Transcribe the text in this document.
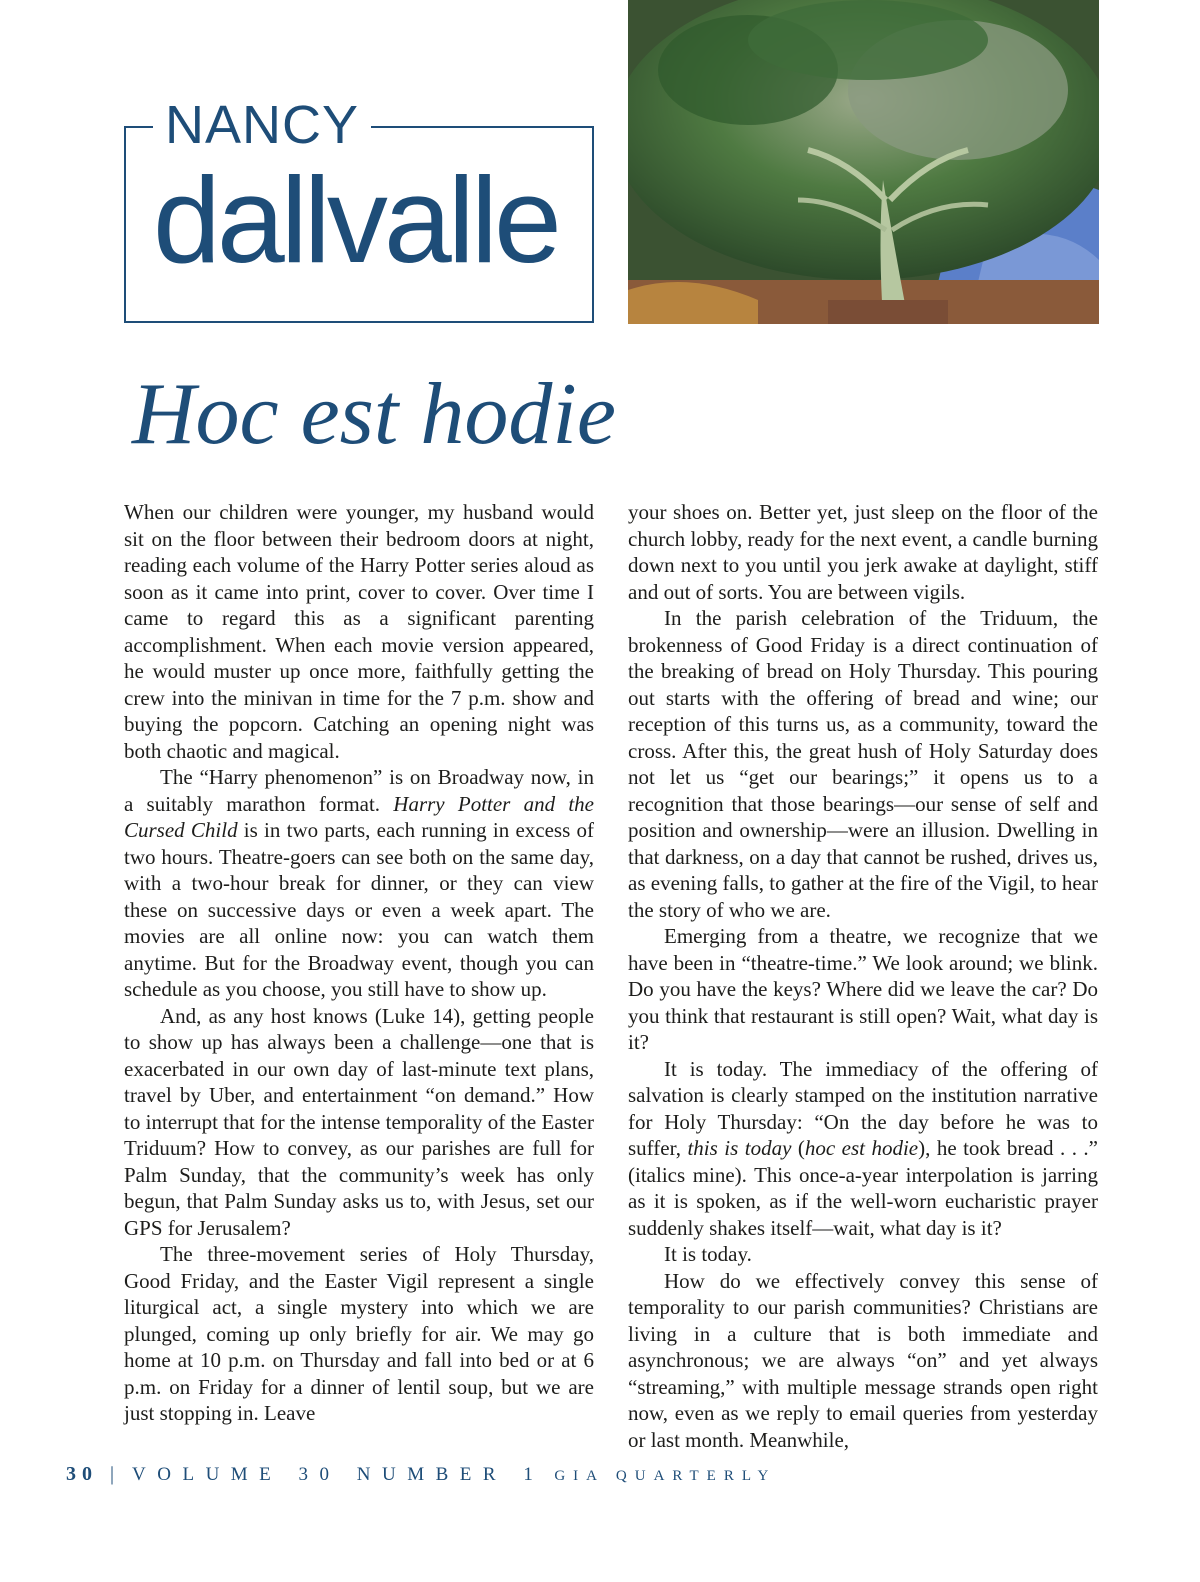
NANCY
dallvalle
Hoc est hodie

When our children were younger, my husband would sit on the floor between their bedroom doors at night, reading each volume of the Harry Potter series aloud as soon as it came into print, cover to cover. Over time I came to regard this as a significant parenting accomplishment. When each movie version appeared, he would muster up once more, faithfully getting the crew into the minivan in time for the 7 p.m. show and buying the popcorn. Catching an opening night was both chaotic and magical.

The “Harry phenomenon” is on Broadway now, in a suitably marathon format. Harry Potter and the Cursed Child is in two parts, each running in excess of two hours. Theatre-goers can see both on the same day, with a two-hour break for dinner, or they can view these on successive days or even a week apart. The movies are all online now: you can watch them anytime. But for the Broadway event, though you can schedule as you choose, you still have to show up.

And, as any host knows (Luke 14), getting people to show up has always been a challenge—one that is exacerbated in our own day of last-minute text plans, travel by Uber, and entertainment “on demand.” How to interrupt that for the intense temporality of the Easter Triduum? How to convey, as our parishes are full for Palm Sunday, that the community’s week has only begun, that Palm Sunday asks us to, with Jesus, set our GPS for Jerusalem?

The three-movement series of Holy Thursday, Good Friday, and the Easter Vigil represent a single liturgical act, a single mystery into which we are plunged, coming up only briefly for air. We may go home at 10 p.m. on Thursday and fall into bed or at 6 p.m. on Friday for a dinner of lentil soup, but we are just stopping in. Leave

your shoes on. Better yet, just sleep on the floor of the church lobby, ready for the next event, a candle burning down next to you until you jerk awake at daylight, stiff and out of sorts. You are between vigils.

In the parish celebration of the Triduum, the brokenness of Good Friday is a direct continuation of the breaking of bread on Holy Thursday. This pouring out starts with the offering of bread and wine; our reception of this turns us, as a community, toward the cross. After this, the great hush of Holy Saturday does not let us “get our bearings;” it opens us to a recognition that those bearings—our sense of self and position and ownership—were an illusion. Dwelling in that darkness, on a day that cannot be rushed, drives us, as evening falls, to gather at the fire of the Vigil, to hear the story of who we are.

Emerging from a theatre, we recognize that we have been in “theatre-time.” We look around; we blink. Do you have the keys? Where did we leave the car? Do you think that restaurant is still open? Wait, what day is it?

It is today. The immediacy of the offering of salvation is clearly stamped on the institution narrative for Holy Thursday: “On the day before he was to suffer, this is today (hoc est hodie), he took bread . . .” (italics mine). This once-a-year interpolation is jarring as it is spoken, as if the well-worn eucharistic prayer suddenly shakes itself—wait, what day is it?

It is today.

How do we effectively convey this sense of temporality to our parish communities? Christians are living in a culture that is both immediate and asynchronous; we are always “on” and yet always “streaming,” with multiple message strands open right now, even as we reply to email queries from yesterday or last month. Meanwhile,

30 | VOLUME 30 NUMBER 1 GIA QUARTERLY
